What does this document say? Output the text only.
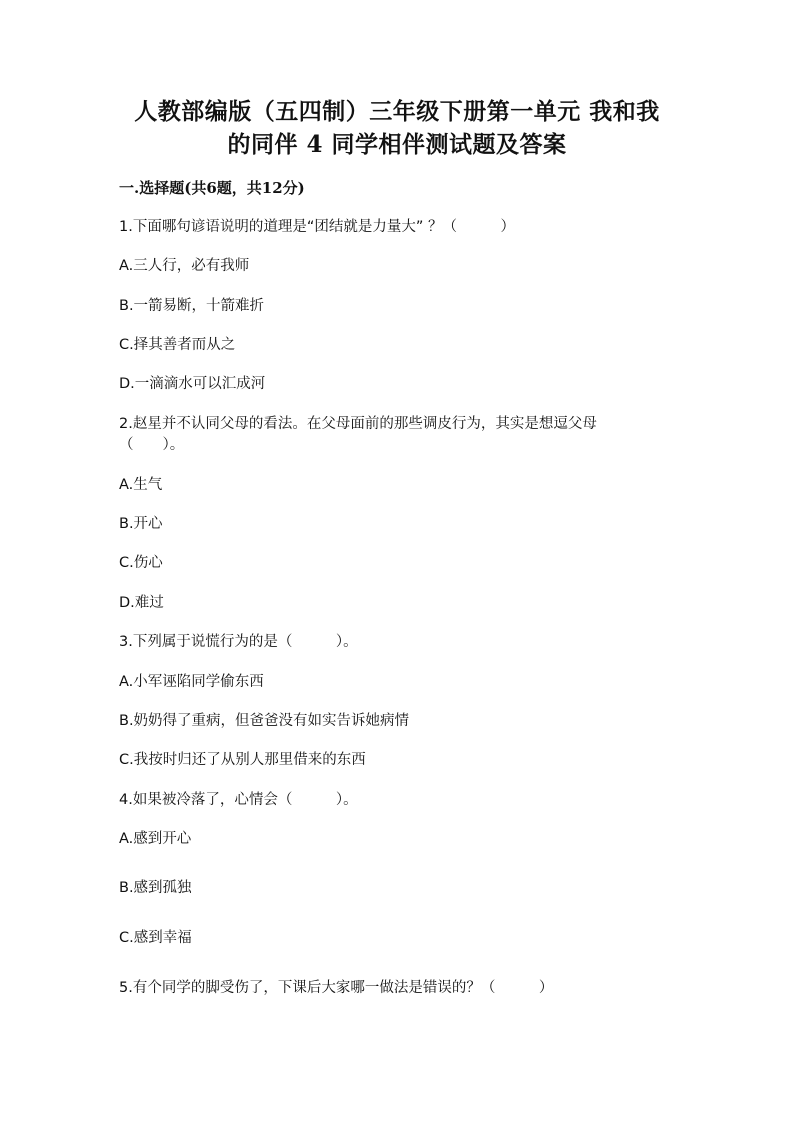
人教部编版（五四制）三年级下册第一单元 我和我
的同伴 4 同学相伴测试题及答案
一.选择题(共6题，共12分)
1.下面哪句谚语说明的道理是“团结就是力量大” ？（　　　）
A.三人行，必有我师
B.一箭易断，十箭难折
C.择其善者而从之
D.一滴滴水可以汇成河
2.赵星并不认同父母的看法。在父母面前的那些调皮行为，其实是想逗父母
（　　）。
A.生气
B.开心
C.伤心
D.难过
3.下列属于说慌行为的是（　　　）。
A.小军诬陷同学偷东西
B.奶奶得了重病，但爸爸没有如实告诉她病情
C.我按时归还了从别人那里借来的东西
4.如果被冷落了，心情会（　　　）。
A.感到开心
B.感到孤独
C.感到幸福
5.有个同学的脚受伤了，下课后大家哪一做法是错误的？（　　　）
